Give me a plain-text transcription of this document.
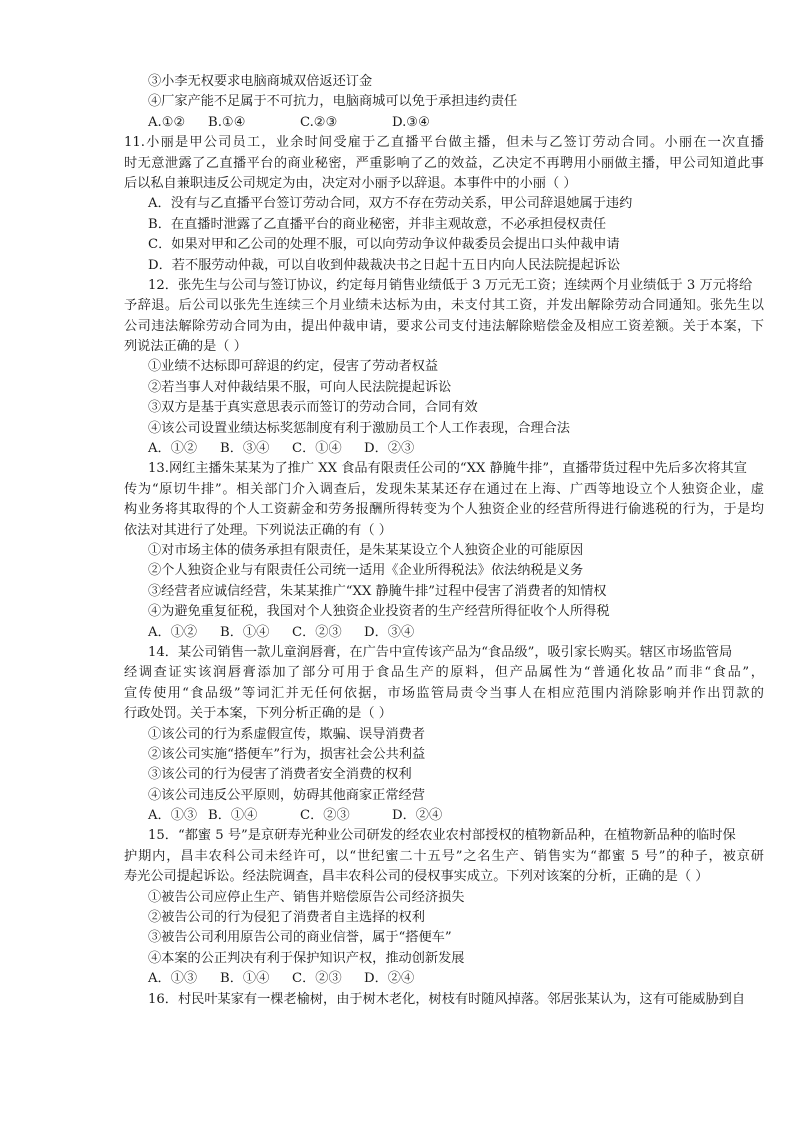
③小李无权要求电脑商城双倍返还订金
④厂家产能不足属于不可抗力，电脑商城可以免于承担违约责任
A.①② B.①④	C.②③	D.③④
11.小丽是甲公司员工，业余时间受雇于乙直播平台做主播，但未与乙签订劳动合同。小丽在一次直播
时无意泄露了乙直播平台的商业秘密，严重影响了乙的效益，乙决定不再聘用小丽做主播，甲公司知道此事
后以私自兼职违反公司规定为由，决定对小丽予以辞退。本事件中的小丽（ ）
A．没有与乙直播平台签订劳动合同，双方不存在劳动关系，甲公司辞退她属于违约
B．在直播时泄露了乙直播平台的商业秘密，并非主观故意，不必承担侵权责任
C．如果对甲和乙公司的处理不服，可以向劳动争议仲裁委员会提出口头仲裁申请
D．若不服劳动仲裁，可以自收到仲裁裁决书之日起十五日内向人民法院提起诉讼
12．张先生与公司与签订协议，约定每月销售业绩低于 3 万元无工资；连续两个月业绩低于 3 万元将给
予辞退。后公司以张先生连续三个月业绩未达标为由，未支付其工资，并发出解除劳动合同通知。张先生以
公司违法解除劳动合同为由，提出仲裁申请，要求公司支付违法解除赔偿金及相应工资差额。关于本案，下
列说法正确的是（ ）
①业绩不达标即可辞退的约定，侵害了劳动者权益
②若当事人对仲裁结果不服，可向人民法院提起诉讼
③双方是基于真实意思表示而签订的劳动合同，合同有效
④该公司设置业绩达标奖惩制度有利于激励员工个人工作表现，合理合法
A．①② B．③④ C．①④ D．②③
13.网红主播朱某某为了推广 XX 食品有限责任公司的“XX 静腌牛排”，直播带货过程中先后多次将其宣
传为“原切牛排”。相关部门介入调查后，发现朱某某还存在通过在上海、广西等地设立个人独资企业，虚
构业务将其取得的个人工资薪金和劳务报酬所得转变为个人独资企业的经营所得进行偷逃税的行为，于是均
依法对其进行了处理。下列说法正确的有（ ）
①对市场主体的债务承担有限责任，是朱某某设立个人独资企业的可能原因
②个人独资企业与有限责任公司统一适用《企业所得税法》依法纳税是义务
③经营者应诚信经营，朱某某推广“XX 静腌牛排”过程中侵害了消费者的知情权
④为避免重复征税，我国对个人独资企业投资者的生产经营所得征收个人所得税
A．①② B．①④ C．②③ D．③④
14．某公司销售一款儿童润唇膏，在广告中宣传该产品为“食品级”，吸引家长购买。辖区市场监管局
经调查证实该润唇膏添加了部分可用于食品生产的原料，但产品属性为“普通化妆品”而非“食品”，
宣传使用“食品级”等词汇并无任何依据，市场监管局责令当事人在相应范围内消除影响并作出罚款的
行政处罚。关于本案，下列分析正确的是（ ）
①该公司的行为系虚假宣传，欺骗、误导消费者
②该公司实施“搭便车”行为，损害社会公共利益
③该公司的行为侵害了消费者安全消费的权利
④该公司违反公平原则，妨碍其他商家正常经营
A．①③ B．①④	C．②③	D．②④
15．“都蜜 5 号”是京研寿光种业公司研发的经农业农村部授权的植物新品种，在植物新品种的临时保
护期内，昌丰农科公司未经许可，以“世纪蜜二十五号”之名生产、销售实为“都蜜 5 号”的种子，被京研
寿光公司提起诉讼。经法院调查，昌丰农科公司的侵权事实成立。下列对该案的分析，正确的是（ ）
①被告公司应停止生产、销售并赔偿原告公司经济损失
②被告公司的行为侵犯了消费者自主选择的权利
③被告公司利用原告公司的商业信誉，属于“搭便车”
④本案的公正判决有利于保护知识产权，推动创新发展
A．①③ B．①④ C．②③ D．②④
16．村民叶某家有一棵老榆树，由于树木老化，树枝有时随风掉落。邻居张某认为，这有可能威胁到自
